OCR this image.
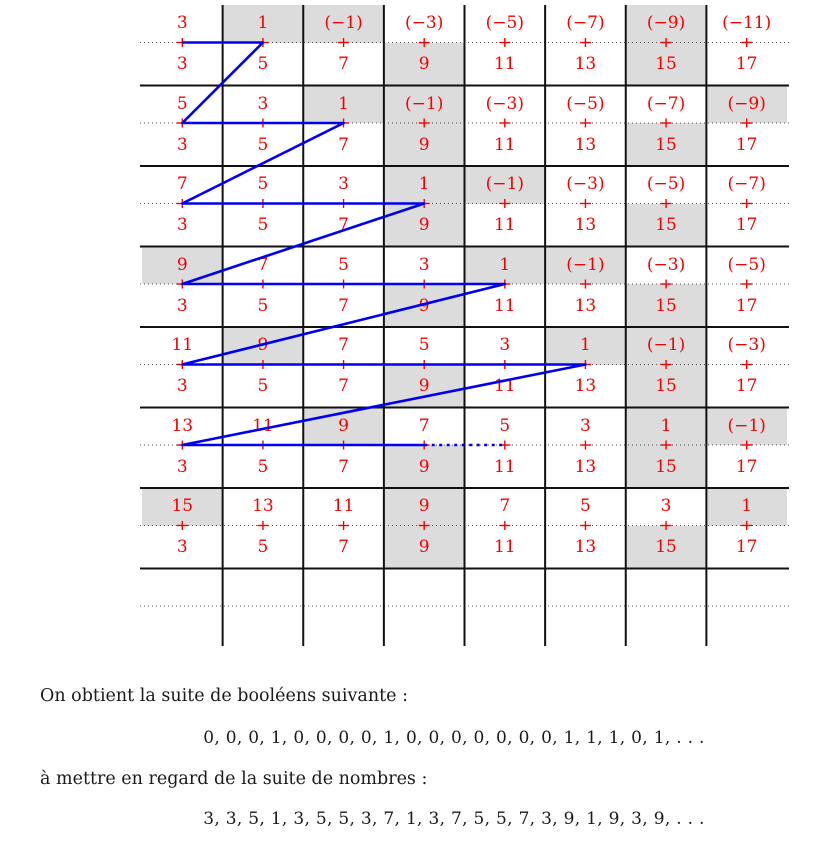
3
3
1
5
(−1)
7
(−3)
9
(−5)
11
(−7)
13
(−9)
15
(−11)
17
5
3
3
5
1
7
(−1)
9
(−3)
11
(−5)
13
(−7)
15
(−9)
17
7
3
5
5
3
7
1
9
(−1)
11
(−3)
13
(−5)
15
(−7)
17
9
3
7
5
5
7
3
9
1
11
(−1)
13
(−3)
15
(−5)
17
11
3
9
5
7
7
5
9
3
11
1
13
(−1)
15
(−3)
17
13
3
11
5
9
7
7
9
5
11
3
13
1
15
(−1)
17
15
3
13
5
11
7
9
9
7
11
5
13
3
15
1
17
On obtient la suite de booléens suivante :
0, 0, 0, 1, 0, 0, 0, 0, 1, 0, 0, 0, 0, 0, 0, 0, 1, 1, 1, 0, 1, . . .
à mettre en regard de la suite de nombres :
3, 3, 5, 1, 3, 5, 5, 3, 7, 1, 3, 7, 5, 5, 7, 3, 9, 1, 9, 3, 9, . . .
